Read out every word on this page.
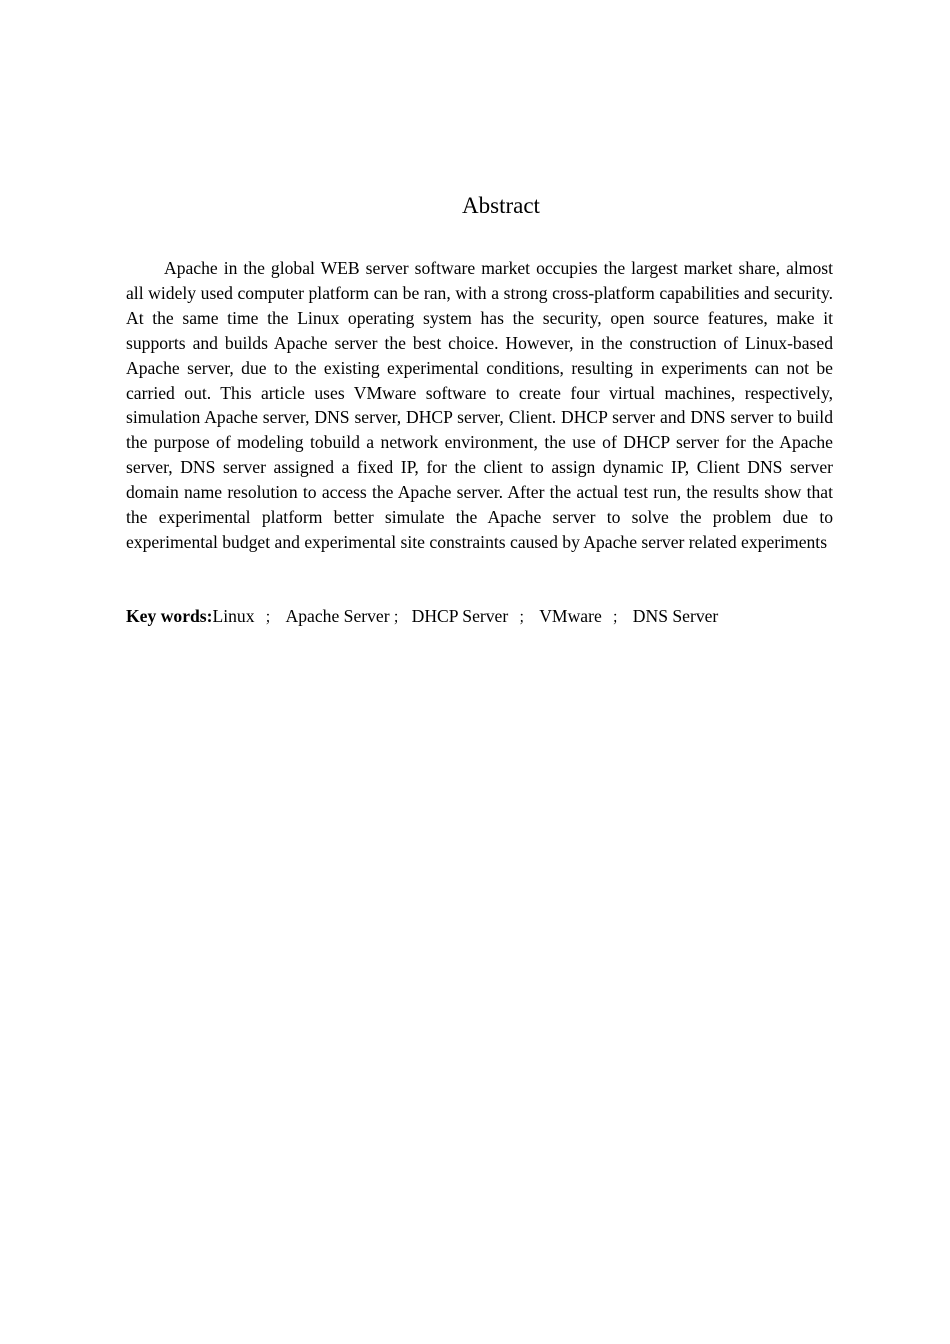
Abstract

Apache in the global WEB server software market occupies the largest market share, almost all widely used computer platform can be ran, with a strong cross-platform capabilities and security. At the same time the Linux operating system has the security, open source features, make it supports and builds Apache server the best choice. However, in the construction of Linux-based Apache server, due to the existing experimental conditions, resulting in experiments can not be carried out. This article uses VMware software to create four virtual machines, respectively, simulation Apache server, DNS server, DHCP server, Client. DHCP server and DNS server to build the purpose of modeling tobuild a network environment, the use of DHCP server for the Apache server, DNS server assigned a fixed IP, for the client to assign dynamic IP, Client DNS server domain name resolution to access the Apache server. After the actual test run, the results show that the experimental platform better simulate the Apache server to solve the problem due to experimental budget and experimental site constraints caused by Apache server related experiments

Key words:Linux ； Apache Server ； DHCP Server ； VMware ； DNS Server
